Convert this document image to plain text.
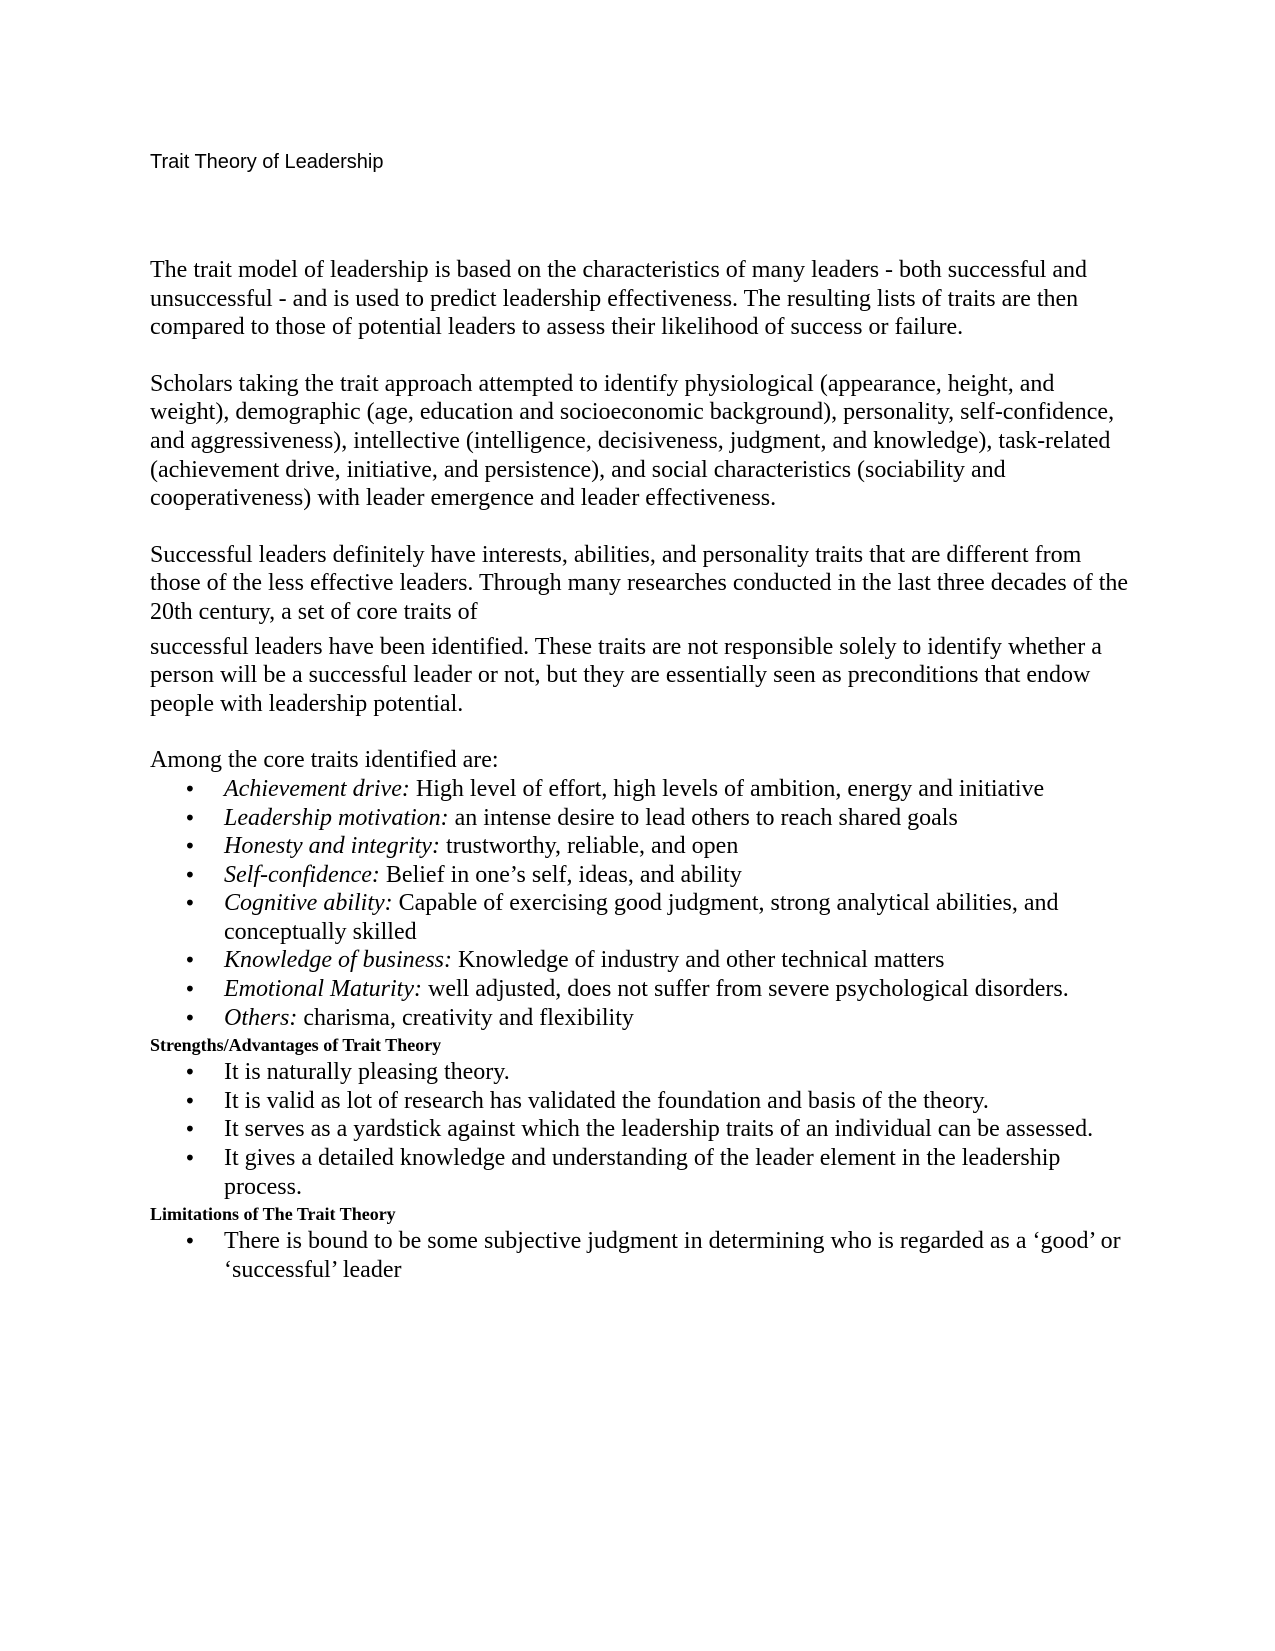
Trait Theory of Leadership

The trait model of leadership is based on the characteristics of many leaders - both successful and unsuccessful - and is used to predict leadership effectiveness. The resulting lists of traits are then compared to those of potential leaders to assess their likelihood of success or failure.

Scholars taking the trait approach attempted to identify physiological (appearance, height, and weight), demographic (age, education and socioeconomic background), personality, self-confidence, and aggressiveness), intellective (intelligence, decisiveness, judgment, and knowledge), task-related (achievement drive, initiative, and persistence), and social characteristics (sociability and cooperativeness) with leader emergence and leader effectiveness.

Successful leaders definitely have interests, abilities, and personality traits that are different from those of the less effective leaders. Through many researches conducted in the last three decades of the 20th century, a set of core traits of

successful leaders have been identified. These traits are not responsible solely to identify whether a person will be a successful leader or not, but they are essentially seen as preconditions that endow people with leadership potential.

Among the core traits identified are:

• Achievement drive: High level of effort, high levels of ambition, energy and initiative
• Leadership motivation: an intense desire to lead others to reach shared goals
• Honesty and integrity: trustworthy, reliable, and open
• Self-confidence: Belief in one’s self, ideas, and ability
• Cognitive ability: Capable of exercising good judgment, strong analytical abilities, and conceptually skilled
• Knowledge of business: Knowledge of industry and other technical matters
• Emotional Maturity: well adjusted, does not suffer from severe psychological disorders.
• Others: charisma, creativity and flexibility
Strengths/Advantages of Trait Theory
• It is naturally pleasing theory.
• It is valid as lot of research has validated the foundation and basis of the theory.
• It serves as a yardstick against which the leadership traits of an individual can be assessed.
• It gives a detailed knowledge and understanding of the leader element in the leadership process.
Limitations of The Trait Theory
• There is bound to be some subjective judgment in determining who is regarded as a ‘good’ or ‘successful’ leader
